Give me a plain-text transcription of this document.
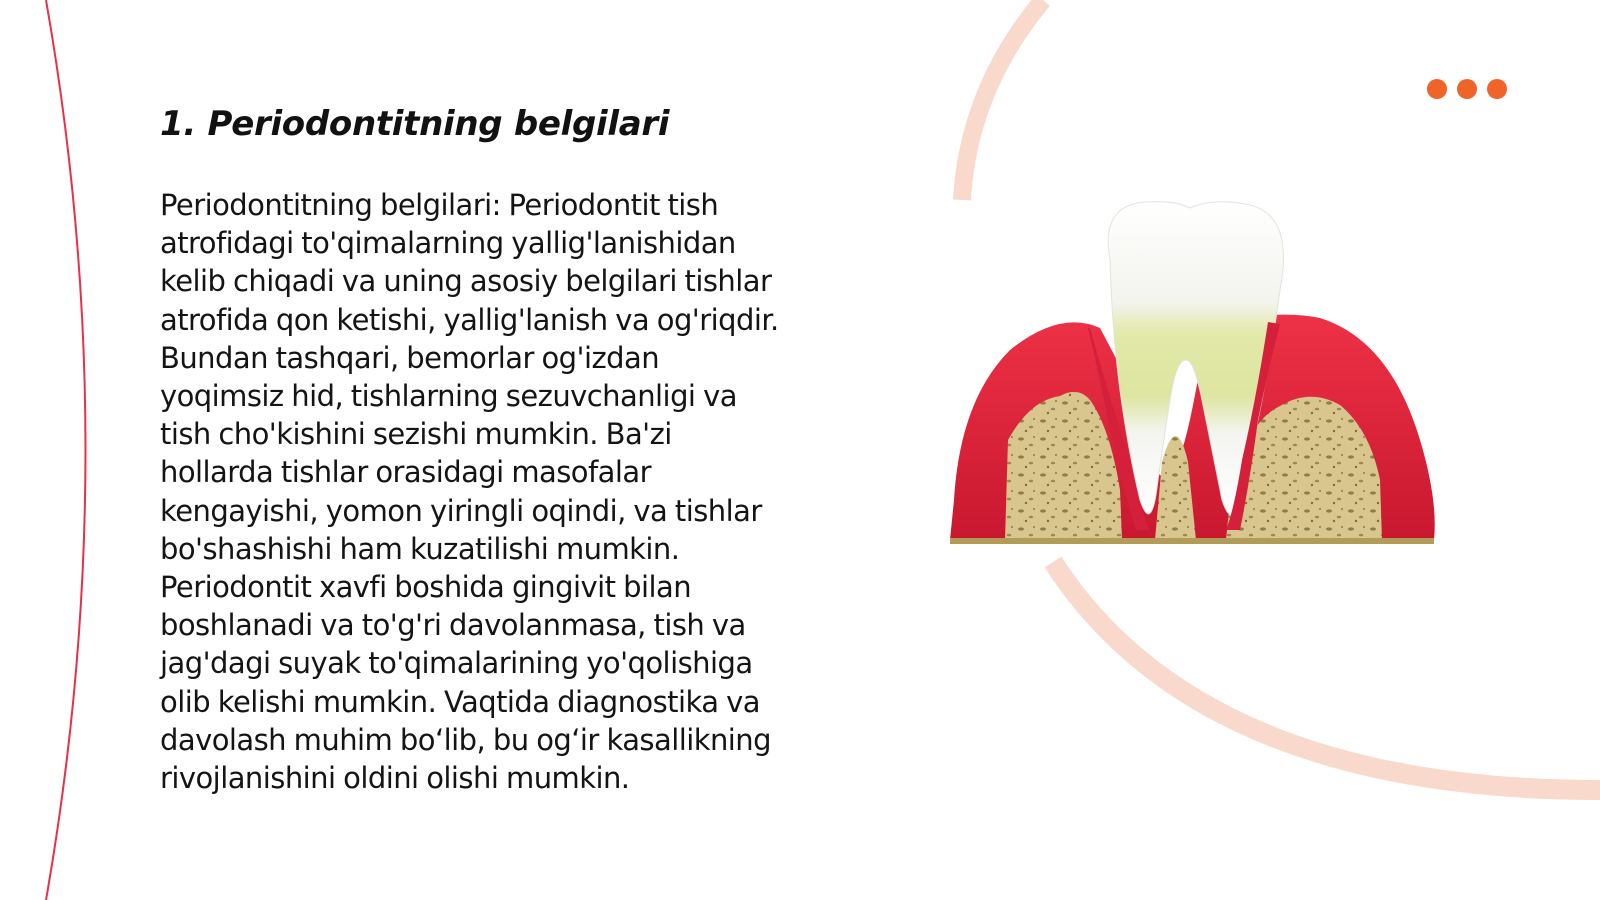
1. Periodontitning belgilari

Periodontitning belgilari: Periodontit tish
atrofidagi to'qimalarning yallig'lanishidan
kelib chiqadi va uning asosiy belgilari tishlar
atrofida qon ketishi, yallig'lanish va og'riqdir.
Bundan tashqari, bemorlar og'izdan
yoqimsiz hid, tishlarning sezuvchanligi va
tish cho'kishini sezishi mumkin. Ba'zi
hollarda tishlar orasidagi masofalar
kengayishi, yomon yiringli oqindi, va tishlar
bo'shashishi ham kuzatilishi mumkin.
Periodontit xavfi boshida gingivit bilan
boshlanadi va to'g'ri davolanmasa, tish va
jag'dagi suyak to'qimalarining yo'qolishiga
olib kelishi mumkin. Vaqtida diagnostika va
davolash muhim bo‘lib, bu og‘ir kasallikning
rivojlanishini oldini olishi mumkin.
